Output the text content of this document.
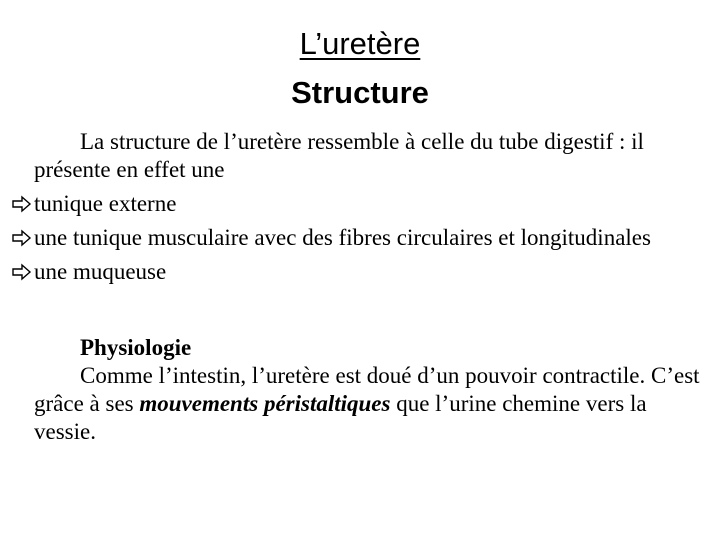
L’uretère
Structure

La structure de l’uretère ressemble à celle du tube digestif : il présente en effet une

tunique externe
une tunique musculaire avec des fibres circulaires et longitudinales
une muqueuse

Physiologie

Comme l’intestin, l’uretère est doué d’un pouvoir contractile. C’est grâce à ses mouvements péristaltiques que l’urine chemine vers la vessie.
